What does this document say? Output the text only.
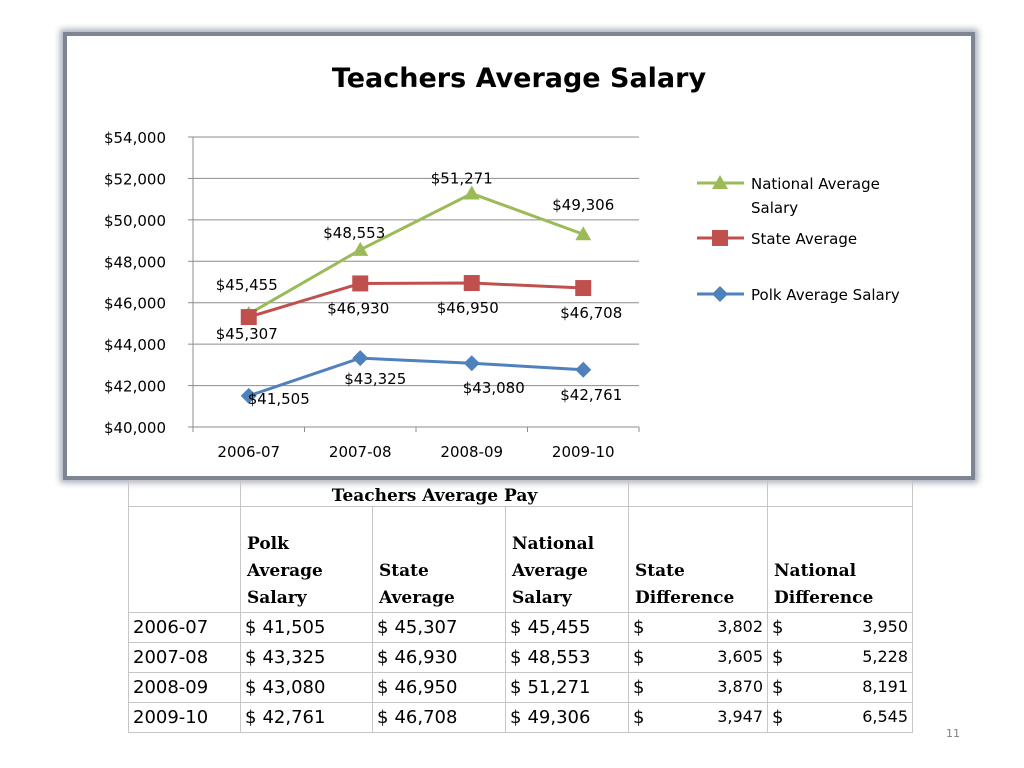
Teachers Average Salary
$40,000
$42,000
$44,000
$46,000
$48,000
$50,000
$52,000
$54,000
2006-07	2007-08	2008-09	2009-10
$45,455
$48,553
$51,271
$49,306
$45,307
$46,930	$46,950	$46,708
$41,505
$43,325
$43,080 $42,761
National Average
Salary
State Average
Polk Average Salary
	Teachers Average Pay				
	Polk Average Salary	State Average	National Average Salary	State Difference	National Difference
2006-07	$ 41,505	$ 45,307	$ 45,455	$ 3,802	$ 3,950

2007-08	$ 43,325	$ 46,930	$ 48,553	$ 3,605	$ 5,228

2008-09	$ 43,080	$ 46,950	$ 51,271	$ 3,870	$ 8,191

2009-10	$ 42,761	$ 46,708	$ 49,306	$ 3,947	$ 6,545
11
